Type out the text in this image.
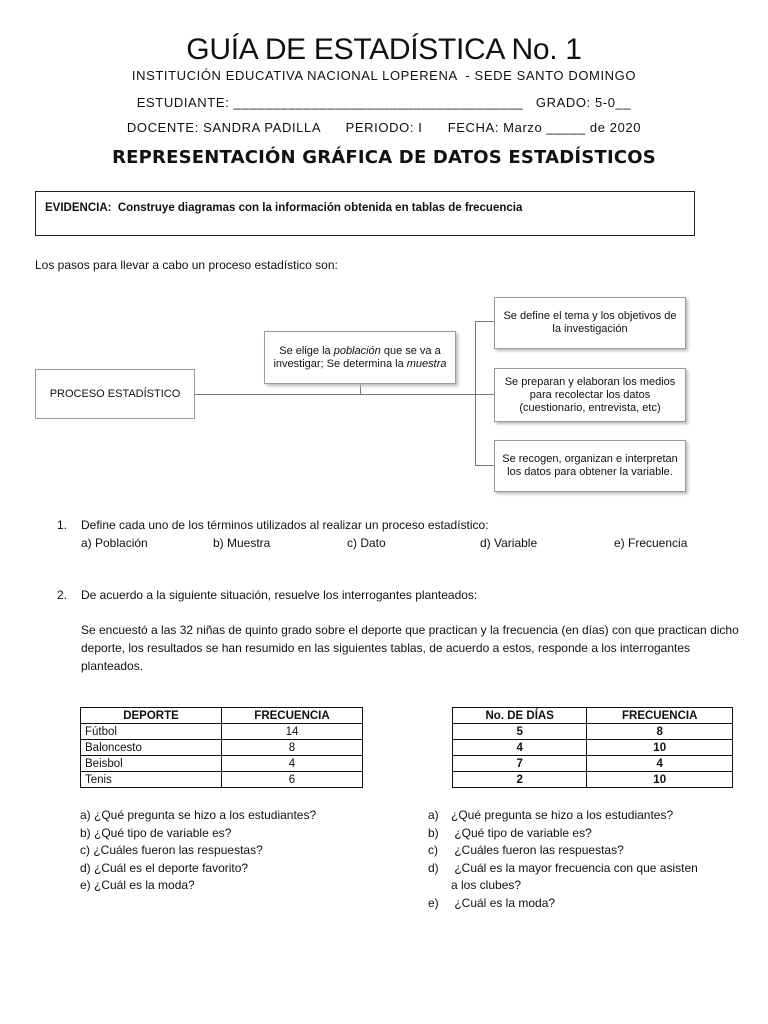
GUÍA DE ESTADÍSTICA No. 1
INSTITUCIÓN EDUCATIVA NACIONAL LOPERENA  - SEDE SANTO DOMINGO
ESTUDIANTE: _____________________________________   GRADO: 5-0__
DOCENTE: SANDRA PADILLA      PERIODO: I      FECHA: Marzo _____ de 2020
REPRESENTACIÓN GRÁFICA DE DATOS ESTADÍSTICOS
EVIDENCIA:  Construye diagramas con la información obtenida en tablas de frecuencia
Los pasos para llevar a cabo un proceso estadístico son:
PROCESO ESTADÍSTICO
Se elige la población que se va a investigar; Se determina la muestra
Se define el tema y los objetivos de la investigación
Se preparan y elaboran los medios para recolectar los datos (cuestionario, entrevista, etc)
Se recogen, organizan e interpretan los datos para obtener la variable.
1. Define cada uno de los términos utilizados al realizar un proceso estadístico:
a) Población	b) Muestra	c) Dato	d) Variable	e) Frecuencia
2. De acuerdo a la siguiente situación, resuelve los interrogantes planteados:
Se encuestó a las 32 niñas de quinto grado sobre el deporte que practican y la frecuencia (en días) con que practican dicho deporte, los resultados se han resumido en las siguientes tablas, de acuerdo a estos, responde a los interrogantes planteados.
DEPORTE	FRECUENCIA
Fútbol	14
Baloncesto	8
Beisbol	4
Tenis	6
No. DE DÍAS	FRECUENCIA
5	8
4	10
7	4
2	10
a) ¿Qué pregunta se hizo a los estudiantes?
b) ¿Qué tipo de variable es?
c) ¿Cuáles fueron las respuestas?
d) ¿Cuál es el deporte favorito?
e) ¿Cuál es la moda?
a) ¿Qué pregunta se hizo a los estudiantes?
b) ¿Qué tipo de variable es?
c) ¿Cuáles fueron las respuestas?
d) ¿Cuál es la mayor frecuencia con que asisten
a los clubes?
e) ¿Cuál es la moda?
